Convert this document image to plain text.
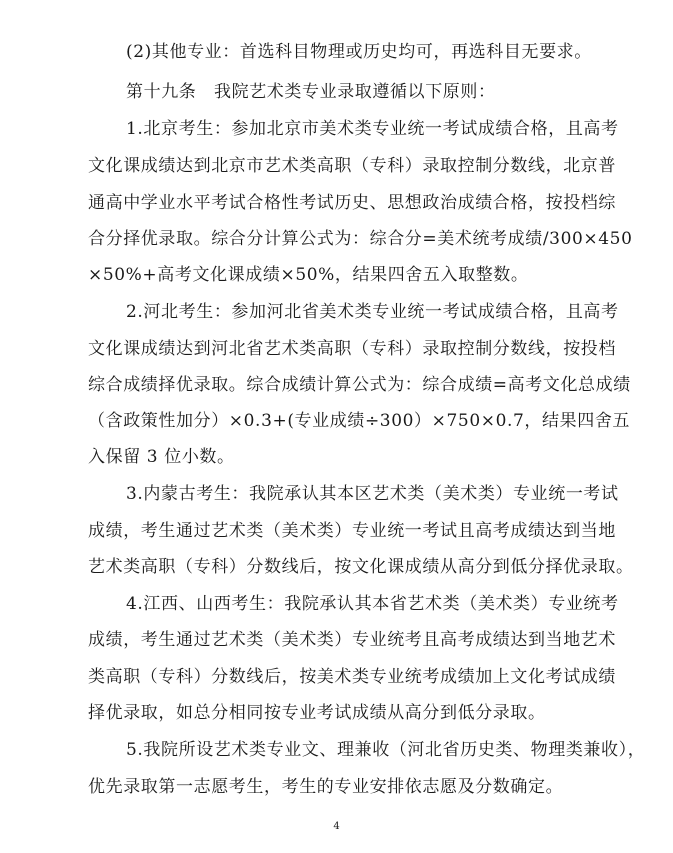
(2)其他专业：首选科目物理或历史均可，再选科目无要求。
第十九条　我院艺术类专业录取遵循以下原则：
1.北京考生：参加北京市美术类专业统一考试成绩合格，且高考
文化课成绩达到北京市艺术类高职（专科）录取控制分数线，北京普
通高中学业水平考试合格性考试历史、思想政治成绩合格，按投档综
合分择优录取。综合分计算公式为：综合分=美术统考成绩/300×450
×50%+高考文化课成绩×50%，结果四舍五入取整数。
2.河北考生：参加河北省美术类专业统一考试成绩合格，且高考
文化课成绩达到河北省艺术类高职（专科）录取控制分数线，按投档
综合成绩择优录取。综合成绩计算公式为：综合成绩=高考文化总成绩
（含政策性加分）×0.3+(专业成绩÷300）×750×0.7，结果四舍五
入保留 3 位小数。
3.内蒙古考生：我院承认其本区艺术类（美术类）专业统一考试
成绩，考生通过艺术类（美术类）专业统一考试且高考成绩达到当地
艺术类高职（专科）分数线后，按文化课成绩从高分到低分择优录取。
4.江西、山西考生：我院承认其本省艺术类（美术类）专业统考
成绩，考生通过艺术类（美术类）专业统考且高考成绩达到当地艺术
类高职（专科）分数线后，按美术类专业统考成绩加上文化考试成绩
择优录取，如总分相同按专业考试成绩从高分到低分录取。
5.我院所设艺术类专业文、理兼收（河北省历史类、物理类兼收），
优先录取第一志愿考生，考生的专业安排依志愿及分数确定。
4
